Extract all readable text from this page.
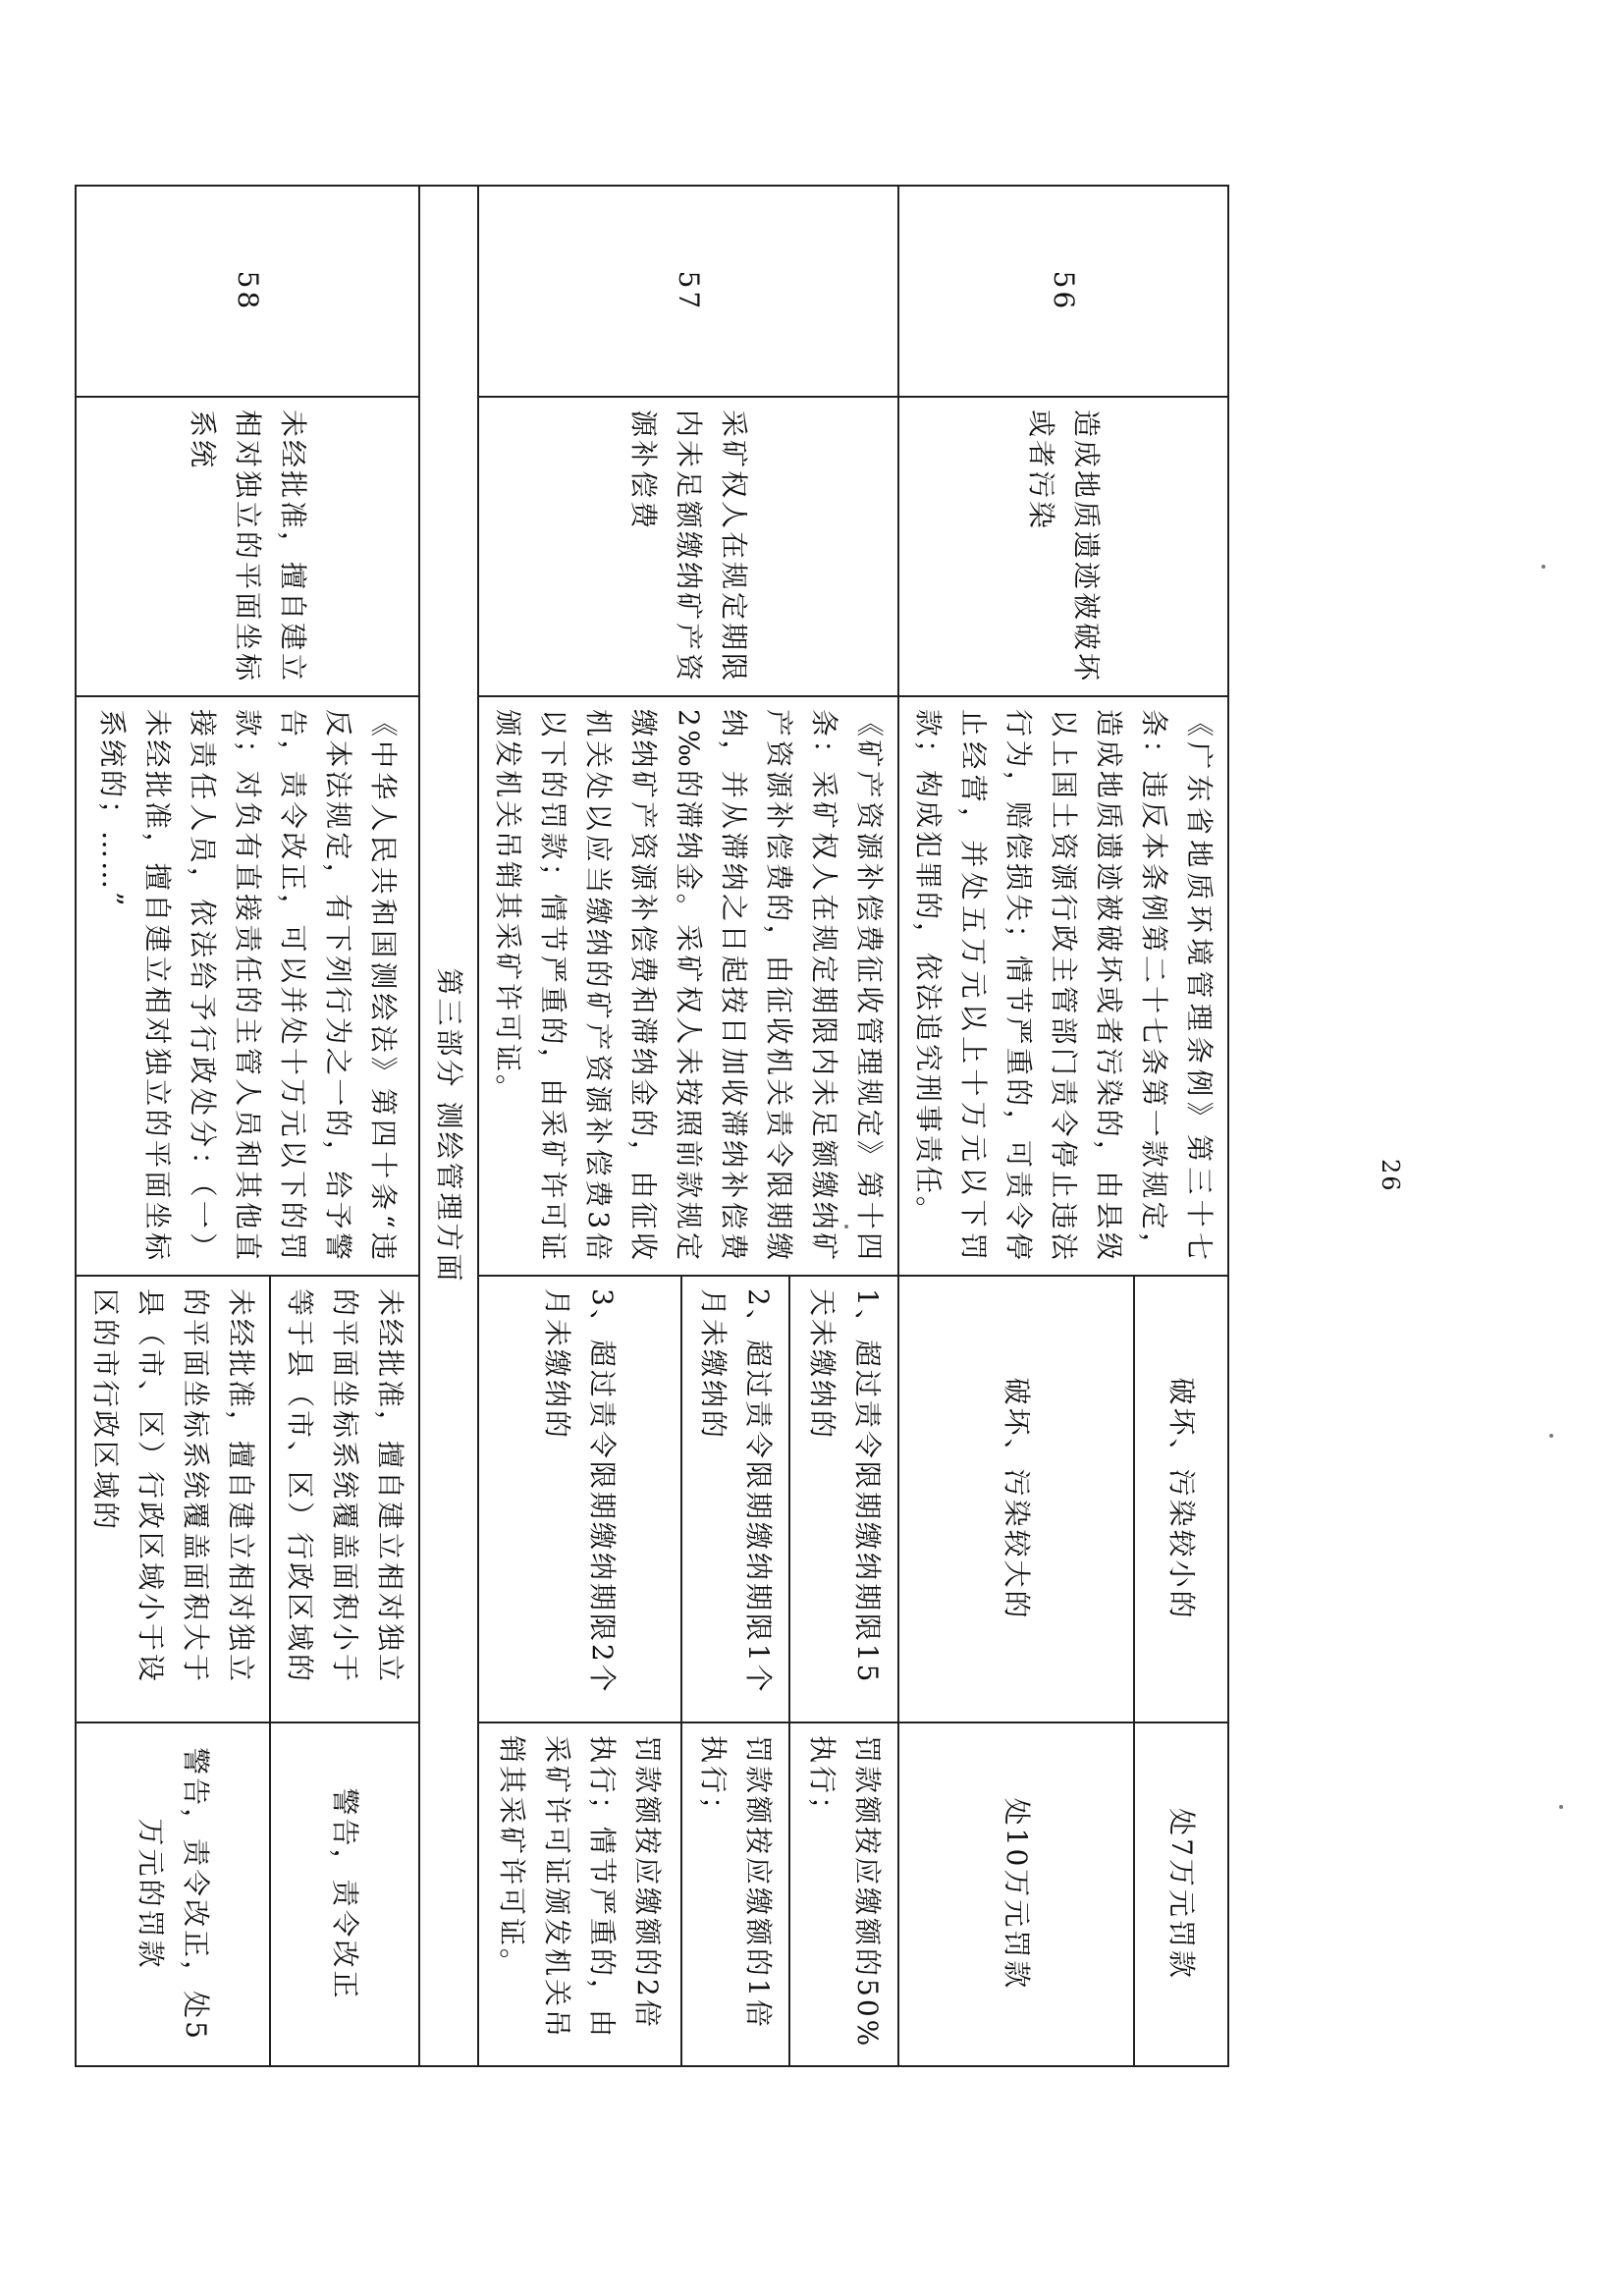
56	造成地质遗迹被破坏或者污染	《广东省地质环境管理条例》第三十七条：违反本条例第二十七条第一款规定，造成地质遗迹被破坏或者污染的，由县级以上国土资源行政主管部门责令停止违法行为，赔偿损失；情节严重的，可责令停止经营，并处五万元以上十万元以下罚款；构成犯罪的，依法追究刑事责任。	破坏、污染较小的	处7万元罚款
			破坏、污染较大的	处10万元罚款
57	采矿权人在规定期限内未足额缴纳矿产资源补偿费	《矿产资源补偿费征收管理规定》第十四条：采矿权人在规定期限内未足额缴纳矿产资源补偿费的，由征收机关责令限期缴纳，并从滞纳之日起按日加收滞纳补偿费2‰的滞纳金。采矿权人未按照前款规定缴纳矿产资源补偿费和滞纳金的，由征收机关处以应当缴纳的矿产资源补偿费3倍以下的罚款；情节严重的，由采矿许可证颁发机关吊销其采矿许可证。	1、超过责令限期缴纳期限15天未缴纳的	罚款额按应缴额的50%执行；
			2、超过责令限期缴纳期限1个月未缴纳的	罚款额按应缴额的1倍执行；
			3、超过责令限期缴纳期限2个月未缴纳的	罚款额按应缴额的2倍执行；情节严重的，由采矿许可证颁发机关吊销其采矿许可证。
第三部分 测绘管理方面				
58	未经批准，擅自建立相对独立的平面坐标系统	《中华人民共和国测绘法》第四十条“违反本法规定，有下列行为之一的，给予警告，责令改正，可以并处十万元以下的罚款；对负有直接责任的主管人员和其他直接责任人员，依法给予行政处分：（一）未经批准，擅自建立相对独立的平面坐标系统的；……”	未经批准，擅自建立相对独立的平面坐标系统覆盖面积小于等于县（市、区）行政区域的	警告，责令改正
			未经批准，擅自建立相对独立的平面坐标系统覆盖面积大于县（市、区）行政区域小于设区的市行政区域的	警告，责令改正，处5万元的罚款
26
